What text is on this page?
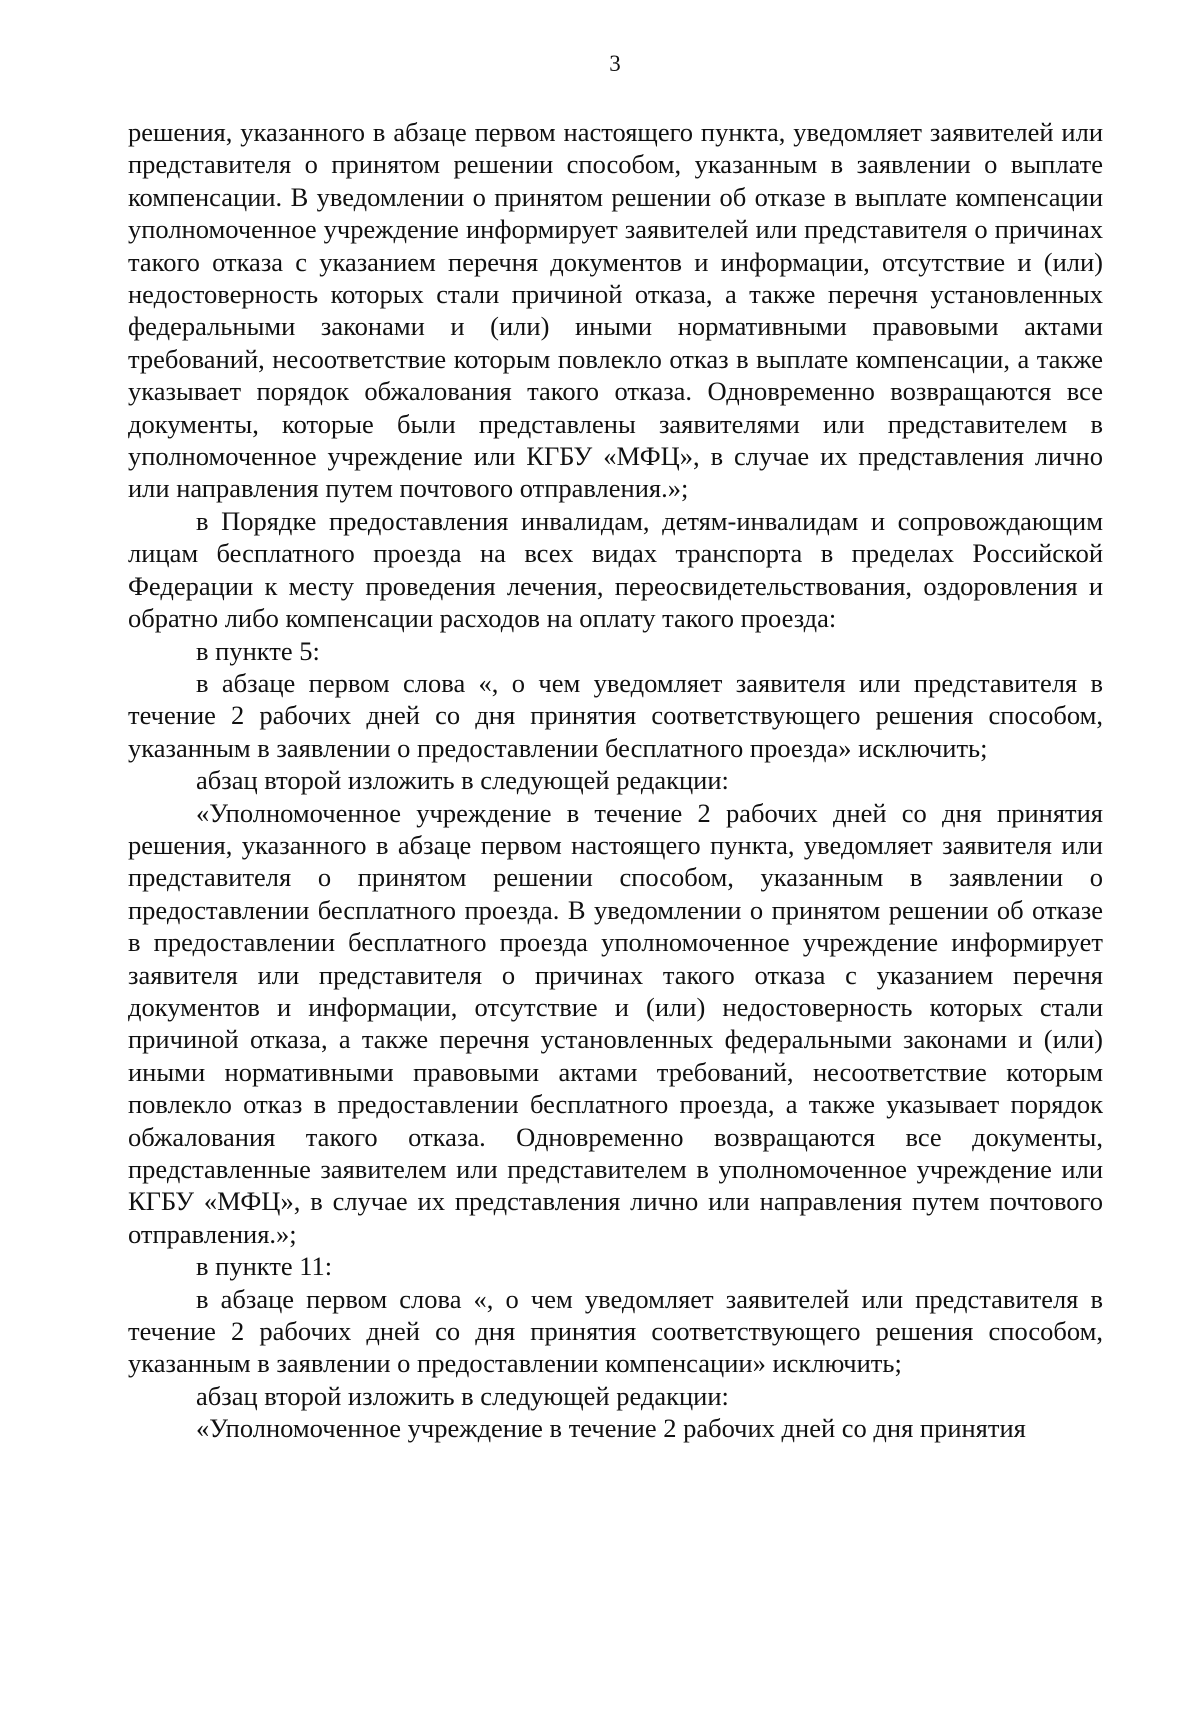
3

решения, указанного в абзаце первом настоящего пункта, уведомляет заявителей или представителя о принятом решении способом, указанным в заявлении о выплате компенсации. В уведомлении о принятом решении об отказе в выплате компенсации уполномоченное учреждение информирует заявителей или представителя о причинах такого отказа с указанием перечня документов и информации, отсутствие и (или) недостоверность которых стали причиной отказа, а также перечня установленных федеральными законами и (или) иными нормативными правовыми актами требований, несоответствие которым повлекло отказ в выплате компенсации, а также указывает порядок обжалования такого отказа. Одновременно возвращаются все документы, которые были представлены заявителями или представителем в уполномоченное учреждение или КГБУ «МФЦ», в случае их представления лично или направления путем почтового отправления.»;

в Порядке предоставления инвалидам, детям-инвалидам и сопровождающим лицам бесплатного проезда на всех видах транспорта в пределах Российской Федерации к месту проведения лечения, переосвидетельствования, оздоровления и обратно либо компенсации расходов на оплату такого проезда:

в пункте 5:

в абзаце первом слова «, о чем уведомляет заявителя или представителя в течение 2 рабочих дней со дня принятия соответствующего решения способом, указанным в заявлении о предоставлении бесплатного проезда» исключить;

абзац второй изложить в следующей редакции:

«Уполномоченное учреждение в течение 2 рабочих дней со дня принятия решения, указанного в абзаце первом настоящего пункта, уведомляет заявителя или представителя о принятом решении способом, указанным в заявлении о предоставлении бесплатного проезда. В уведомлении о принятом решении об отказе в предоставлении бесплатного проезда уполномоченное учреждение информирует заявителя или представителя о причинах такого отказа с указанием перечня документов и информации, отсутствие и (или) недостоверность которых стали причиной отказа, а также перечня установленных федеральными законами и (или) иными нормативными правовыми актами требований, несоответствие которым повлекло отказ в предоставлении бесплатного проезда, а также указывает порядок обжалования такого отказа. Одновременно возвращаются все документы, представленные заявителем или представителем в уполномоченное учреждение или КГБУ «МФЦ», в случае их представления лично или направления путем почтового отправления.»;

в пункте 11:

в абзаце первом слова «, о чем уведомляет заявителей или представителя в течение 2 рабочих дней со дня принятия соответствующего решения способом, указанным в заявлении о предоставлении компенсации» исключить;

абзац второй изложить в следующей редакции:

«Уполномоченное учреждение в течение 2 рабочих дней со дня принятия
